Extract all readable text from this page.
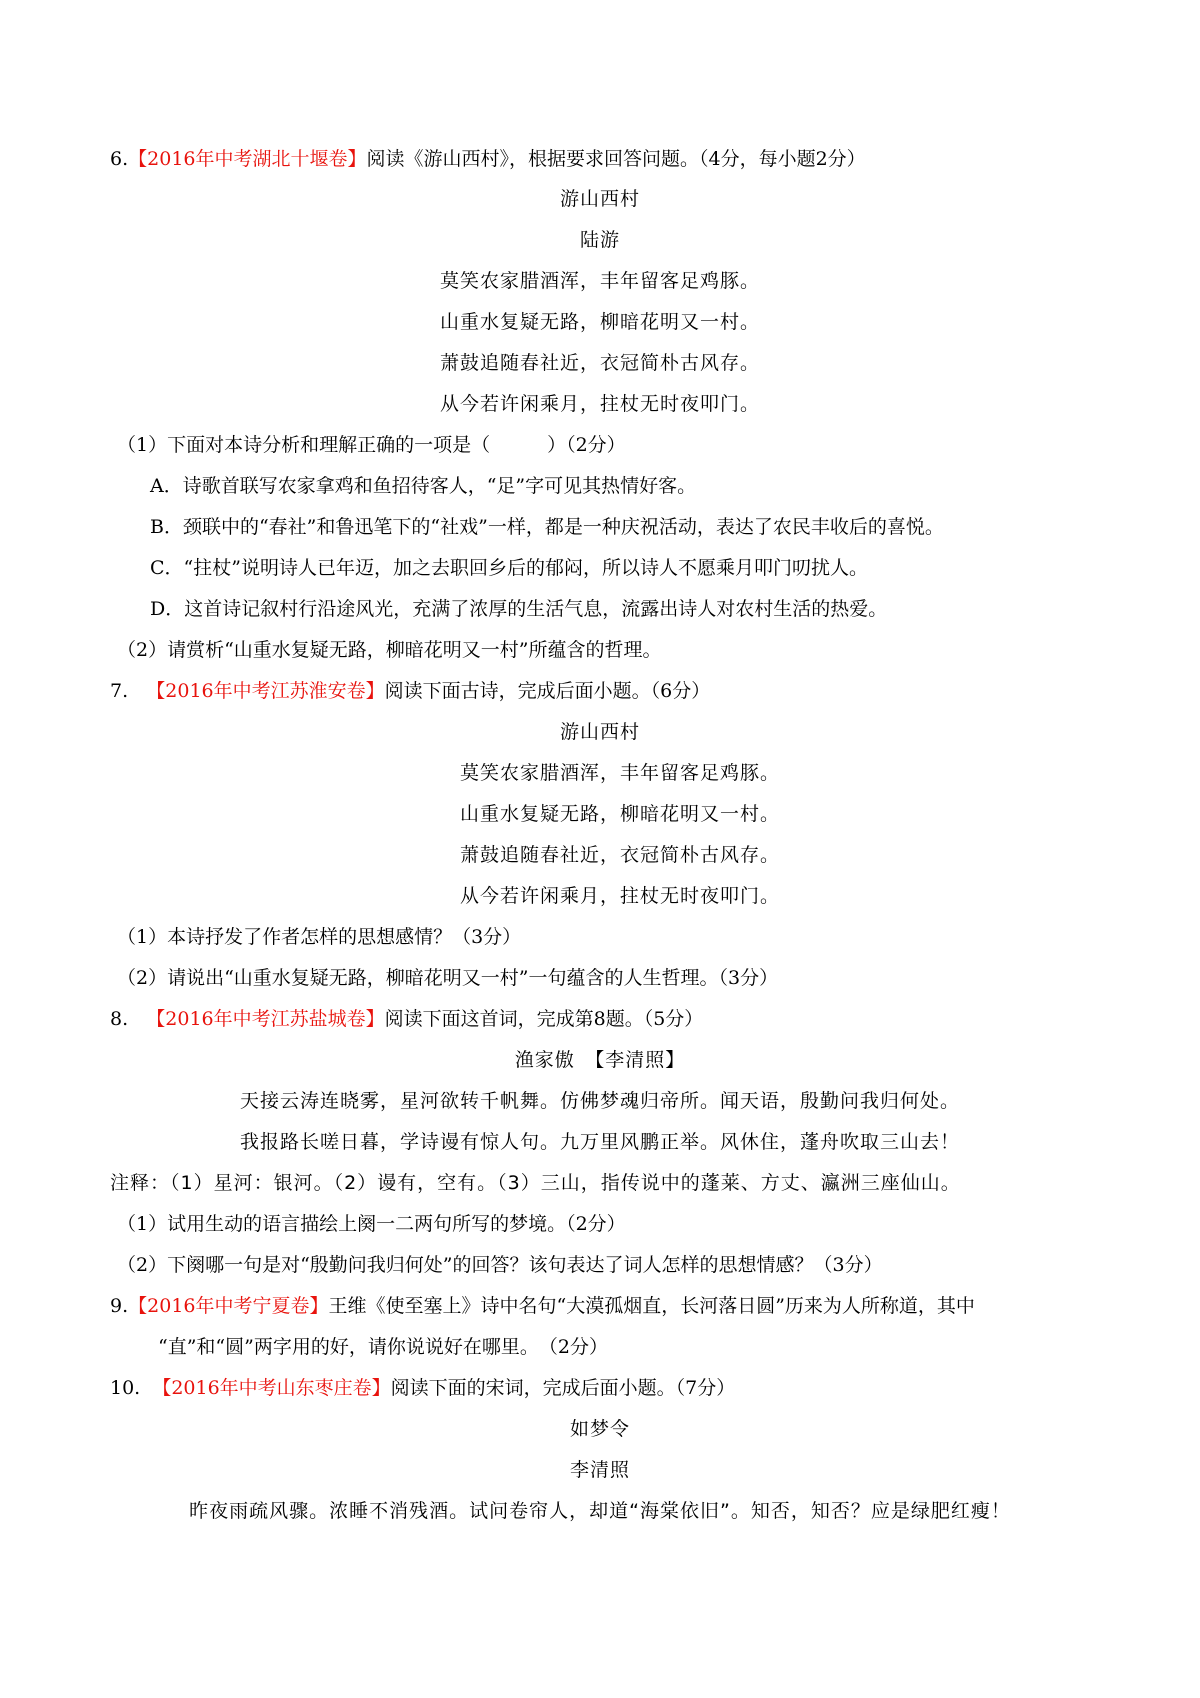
6.【2016年中考湖北十堰卷】阅读《游山西村》，根据要求回答问题。（4分，每小题2分）
游山西村
陆游
莫笑农家腊酒浑，丰年留客足鸡豚。
山重水复疑无路，柳暗花明又一村。
萧鼓追随春社近，衣冠简朴古风存。
从今若许闲乘月，拄杖无时夜叩门。
（1）下面对本诗分析和理解正确的一项是（　　　）（2分）
A．诗歌首联写农家拿鸡和鱼招待客人，“足”字可见其热情好客。
B．颈联中的“春社”和鲁迅笔下的“社戏”一样，都是一种庆祝活动，表达了农民丰收后的喜悦。
C．“拄杖”说明诗人已年迈，加之去职回乡后的郁闷，所以诗人不愿乘月叩门叨扰人。
D．这首诗记叙村行沿途风光，充满了浓厚的生活气息，流露出诗人对农村生活的热爱。
（2）请赏析“山重水复疑无路，柳暗花明又一村”所蕴含的哲理。
7. 【2016年中考江苏淮安卷】阅读下面古诗，完成后面小题。（6分）
游山西村
莫笑农家腊酒浑，丰年留客足鸡豚。
山重水复疑无路，柳暗花明又一村。
萧鼓追随春社近，衣冠简朴古风存。
从今若许闲乘月，拄杖无时夜叩门。
（1）本诗抒发了作者怎样的思想感情？（3分）
（2）请说出“山重水复疑无路，柳暗花明又一村”一句蕴含的人生哲理。（3分）
8. 【2016年中考江苏盐城卷】阅读下面这首词，完成第8题。（5分）
渔家傲　【李清照】
天接云涛连晓雾，星河欲转千帆舞。仿佛梦魂归帝所。闻天语，殷勤问我归何处。
我报路长嗟日暮，学诗谩有惊人句。九万里风鹏正举。风休住，蓬舟吹取三山去！
注释：（1）星河：银河。（2）谩有，空有。（3）三山，指传说中的蓬莱、方丈、瀛洲三座仙山。
（1）试用生动的语言描绘上阕一二两句所写的梦境。（2分）
（2）下阕哪一句是对“殷勤问我归何处”的回答？该句表达了词人怎样的思想情感？（3分）
9.【2016年中考宁夏卷】王维《使至塞上》诗中名句“大漠孤烟直，长河落日圆”历来为人所称道，其中
“直”和“圆”两字用的好，请你说说好在哪里。　（2分）
10. 【2016年中考山东枣庄卷】阅读下面的宋词，完成后面小题。（7分）
如梦令
李清照
昨夜雨疏风骤。浓睡不消残酒。试问卷帘人，却道“海棠依旧”。知否，知否？应是绿肥红瘦！
